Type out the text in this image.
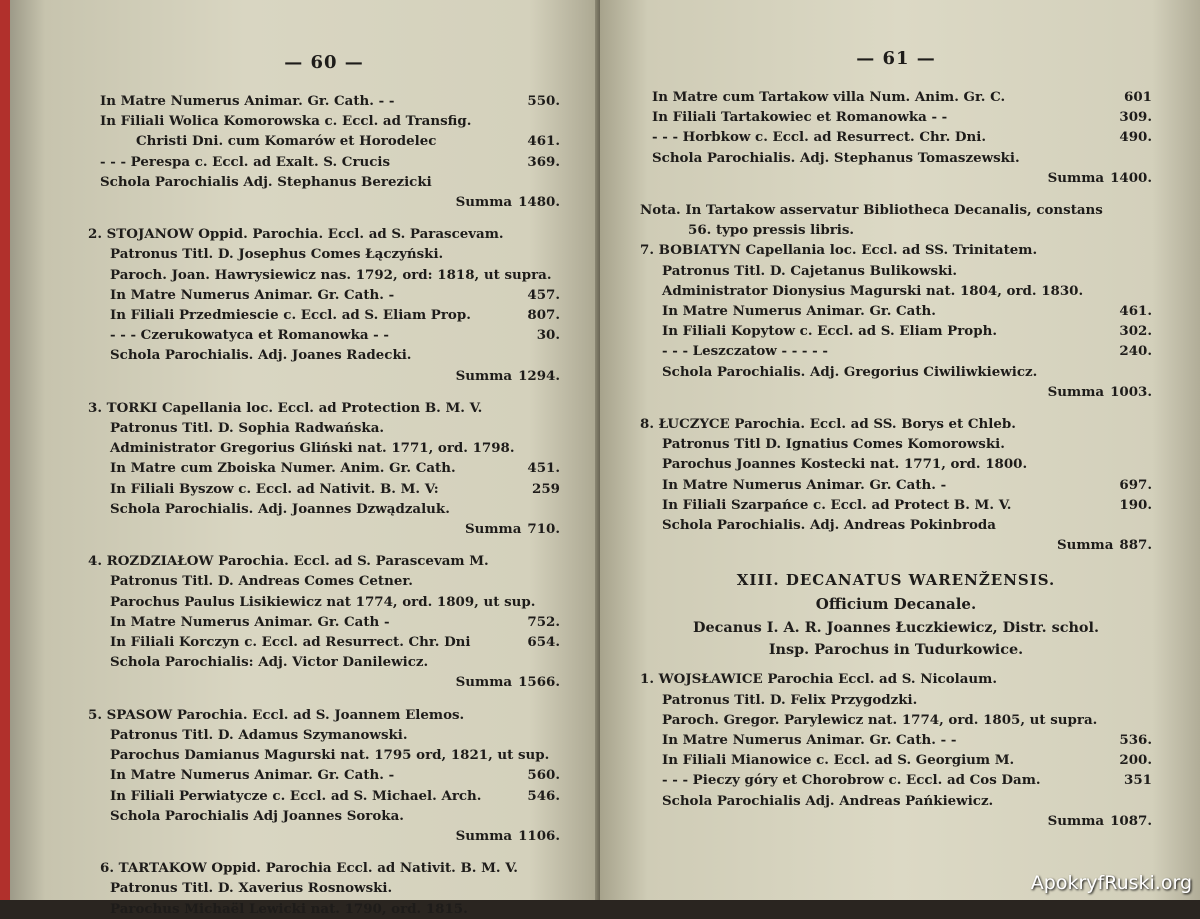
— 60 —
In Matre Numerus Animar. Gr. Cath. - -	550.
In Filiali Wolica Komorowska c. Eccl. ad Transfig.
Christi Dni. cum Komarów et Horodelec	461.
- - - Perespa c. Eccl. ad Exalt. S. Crucis	369.
Schola Parochialis Adj. Stephanus Berezicki
Summa 1480.
2. STOJANOW Oppid. Parochia. Eccl. ad S. Parascevam.
Patronus Titl. D. Josephus Comes Łączyński.
Paroch. Joan. Hawrysiewicz nas. 1792, ord: 1818, ut supra.
In Matre Numerus Animar. Gr. Cath. -	457.
In Filiali Przedmiescie c. Eccl. ad S. Eliam Prop.	807.
- - - Czerukowatyca et Romanowka - -	30.
Schola Parochialis. Adj. Joanes Radecki.
Summa 1294.
3. TORKI Capellania loc. Eccl. ad Protection B. M. V.
Patronus Titl. D. Sophia Radwańska.
Administrator Gregorius Gliński nat. 1771, ord. 1798.
In Matre cum Zboiska Numer. Anim. Gr. Cath.	451.
In Filiali Byszow c. Eccl. ad Nativit. B. M. V:	259
Schola Parochialis. Adj. Joannes Dzwądzaluk.
Summa 710.
4. ROZDZIAŁOW Parochia. Eccl. ad S. Parascevam M.
Patronus Titl. D. Andreas Comes Cetner.
Parochus Paulus Lisikiewicz nat 1774, ord. 1809, ut sup.
In Matre Numerus Animar. Gr. Cath -	752.
In Filiali Korczyn c. Eccl. ad Resurrect. Chr. Dni	654.
Schola Parochialis: Adj. Victor Danilewicz.
Summa 1566.
5. SPASOW Parochia. Eccl. ad S. Joannem Elemos.
Patronus Titl. D. Adamus Szymanowski.
Parochus Damianus Magurski nat. 1795 ord, 1821, ut sup.
In Matre Numerus Animar. Gr. Cath. -	560.
In Filiali Perwiatycze c. Eccl. ad S. Michael. Arch.	546.
Schola Parochialis Adj Joannes Soroka.
Summa 1106.
6. TARTAKOW Oppid. Parochia Eccl. ad Nativit. B. M. V.
Patronus Titl. D. Xaverius Rosnowski.
Parochus Michaël Lewicki nat. 1790, ord. 1815.
— 61 —
In Matre cum Tartakow villa Num. Anim. Gr. C.	601
In Filiali Tartakowiec et Romanowka - -	309.
- - - Horbkow c. Eccl. ad Resurrect. Chr. Dni.	490.
Schola Parochialis. Adj. Stephanus Tomaszewski.
Summa 1400.
Nota. In Tartakow asservatur Bibliotheca Decanalis, constans
56. typo pressis libris.
7. BOBIATYN Capellania loc. Eccl. ad SS. Trinitatem.
Patronus Titl. D. Cajetanus Bulikowski.
Administrator Dionysius Magurski nat. 1804, ord. 1830.
In Matre Numerus Animar. Gr. Cath.	461.
In Filiali Kopytow c. Eccl. ad S. Eliam Proph.	302.
- - - Leszczatow - - - - -	240.
Schola Parochialis. Adj. Gregorius Ciwiliwkiewicz.
Summa 1003.
8. ŁUCZYCE Parochia. Eccl. ad SS. Borys et Chleb.
Patronus Titl D. Ignatius Comes Komorowski.
Parochus Joannes Kostecki nat. 1771, ord. 1800.
In Matre Numerus Animar. Gr. Cath. -	697.
In Filiali Szarpańce c. Eccl. ad Protect B. M. V.	190.
Schola Parochialis. Adj. Andreas Pokinbroda
Summa 887.
XIII. DECANATUS WARENŽENSIS.
Officium Decanale.
Decanus I. A. R. Joannes Łuczkiewicz, Distr. schol.
Insp. Parochus in Tudurkowice.
1. WOJSŁAWICE Parochia Eccl. ad S. Nicolaum.
Patronus Titl. D. Felix Przygodzki.
Paroch. Gregor. Parylewicz nat. 1774, ord. 1805, ut supra.
In Matre Numerus Animar. Gr. Cath. - -	536.
In Filiali Mianowice c. Eccl. ad S. Georgium M.	200.
- - - Pieczy góry et Chorobrow c. Eccl. ad Cos Dam.	351
Schola Parochialis Adj. Andreas Pańkiewicz.
Summa 1087.
ApokryfRuski.org
